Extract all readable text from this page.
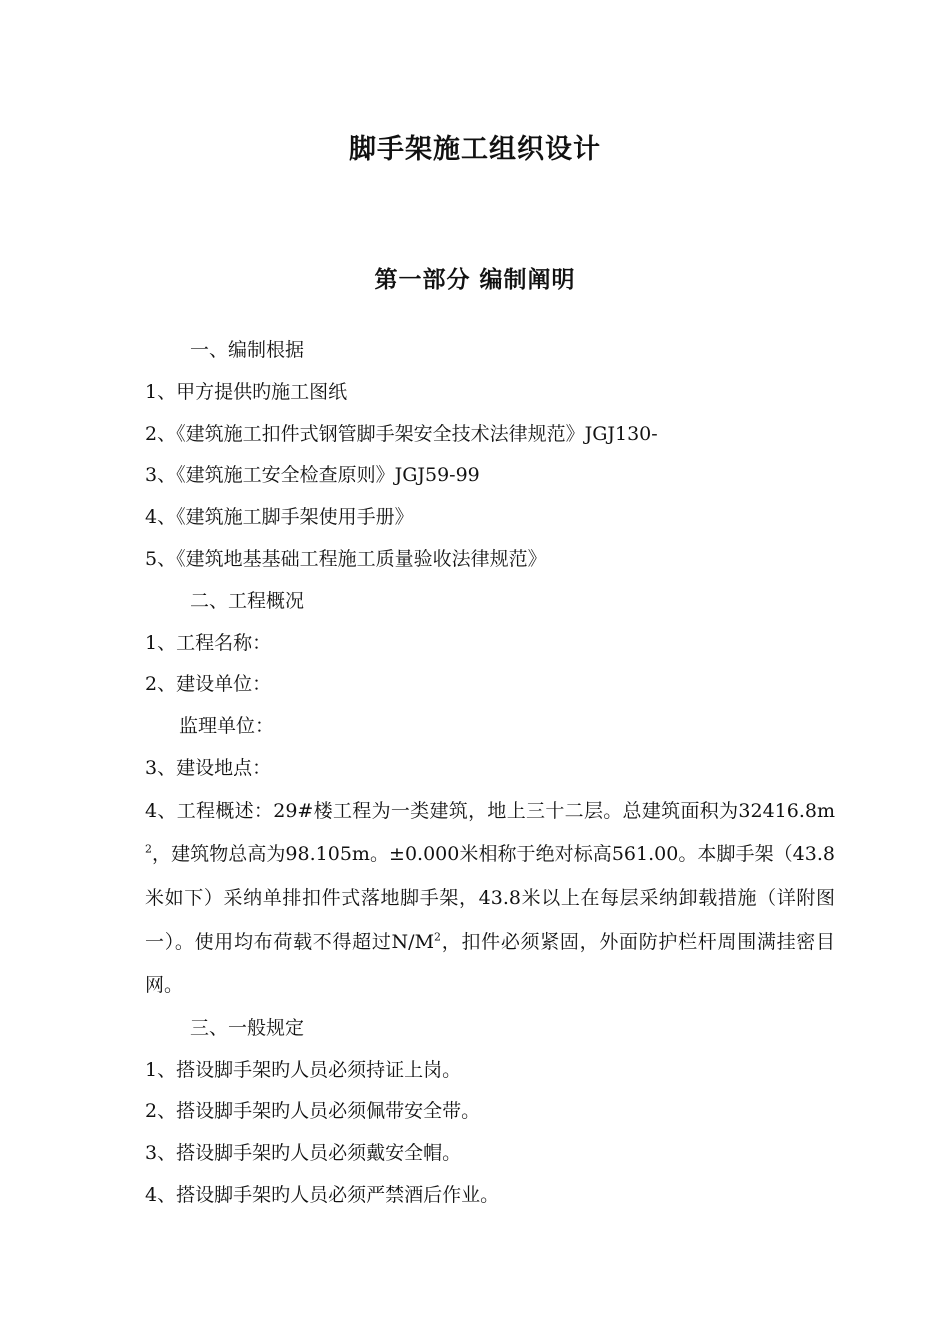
脚手架施工组织设计
第一部分 编制阐明
一、编制根据
1、甲方提供旳施工图纸
2、《建筑施工扣件式钢管脚手架安全技术法律规范》JGJ130-
3、《建筑施工安全检查原则》JGJ59-99
4、《建筑施工脚手架使用手册》
5、《建筑地基基础工程施工质量验收法律规范》
二、工程概况
1、工程名称：
2、建设单位：
监理单位：
3、建设地点：

4、工程概述：29#楼工程为一类建筑，地上三十二层。总建筑面积为$32416.8m^2$，建筑物总高为98.105m。±0.000米相称于绝对标高561.00。本脚手架（43.8米如下）采纳单排扣件式落地脚手架，43.8米以上在每层采纳卸载措施（详附图一）。使用均布荷载不得超过$N/M^2$，扣件必须紧固，外面防护栏杆周围满挂密目网。

三、一般规定
1、搭设脚手架旳人员必须持证上岗。
2、搭设脚手架旳人员必须佩带安全带。
3、搭设脚手架旳人员必须戴安全帽。
4、搭设脚手架旳人员必须严禁酒后作业。
